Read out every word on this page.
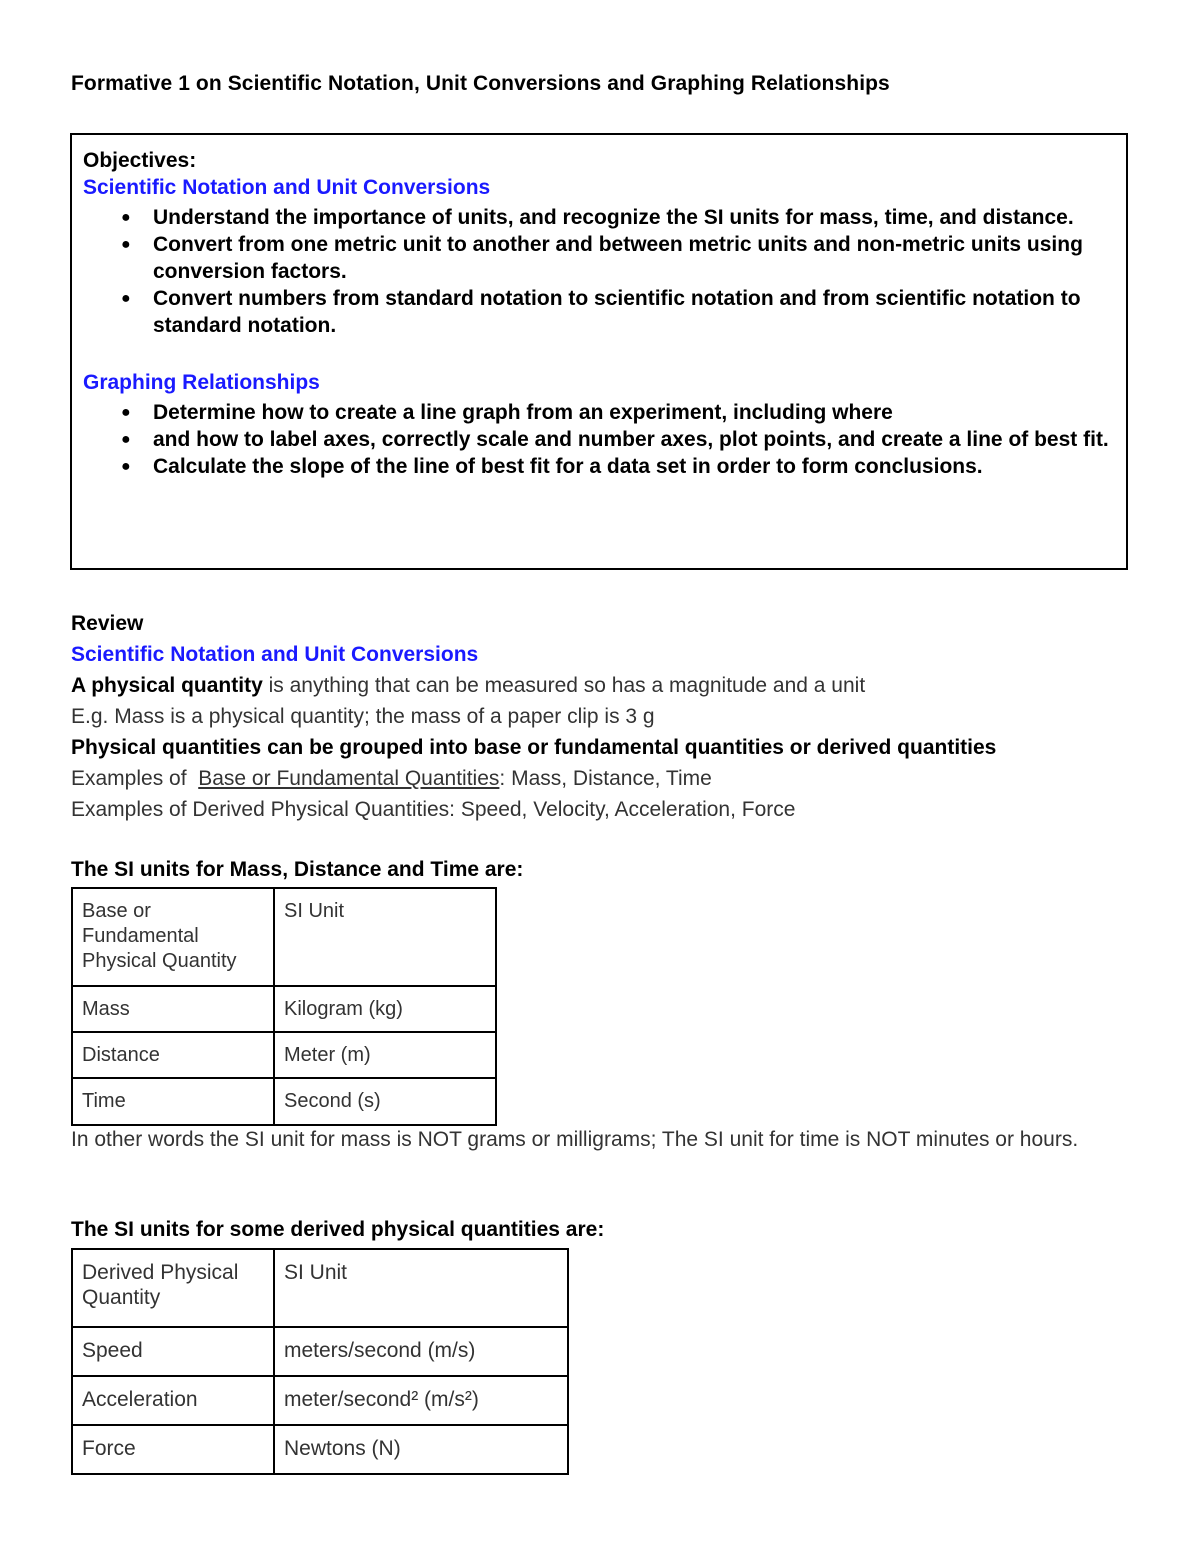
Formative 1 on Scientific Notation, Unit Conversions and Graphing Relationships
Objectives:
Scientific Notation and Unit Conversions
● Understand the importance of units, and recognize the SI units for mass, time, and distance.
● Convert from one metric unit to another and between metric units and non-metric units using conversion factors.
● Convert numbers from standard notation to scientific notation and from scientific notation to standard notation.
Graphing Relationships
● Determine how to create a line graph from an experiment, including where
● and how to label axes, correctly scale and number axes, plot points, and create a line of best fit.
● Calculate the slope of the line of best fit for a data set in order to form conclusions.
Review
Scientific Notation and Unit Conversions
A physical quantity is anything that can be measured so has a magnitude and a unit
E.g. Mass is a physical quantity; the mass of a paper clip is 3 g
Physical quantities can be grouped into base or fundamental quantities or derived quantities
Examples of  Base or Fundamental Quantities: Mass, Distance, Time
Examples of Derived Physical Quantities: Speed, Velocity, Acceleration, Force
The SI units for Mass, Distance and Time are:
Base or Fundamental Physical Quantity	SI Unit
Mass	Kilogram (kg)
Distance	Meter (m)
Time	Second (s)
In other words the SI unit for mass is NOT grams or milligrams; The SI unit for time is NOT minutes or hours.
The SI units for some derived physical quantities are:
Derived Physical Quantity	SI Unit
Speed	meters/second (m/s)
Acceleration	meter/second² (m/s²)
Force	Newtons (N)
